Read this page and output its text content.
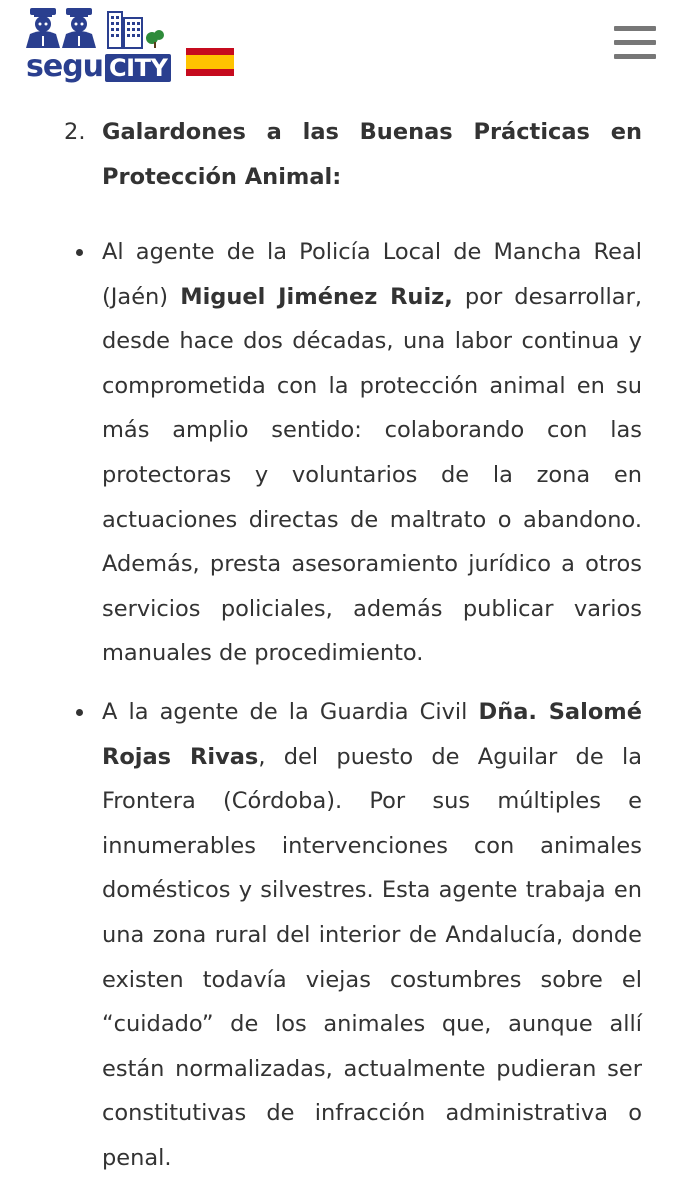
segu CITY
2. Galardones a las Buenas Prácticas en Protección Animal:
Al agente de la Policía Local de Mancha Real (Jaén) Miguel Jiménez Ruiz, por desarrollar, desde hace dos décadas, una labor continua y comprometida con la protección animal en su más amplio sentido: colaborando con las protectoras y voluntarios de la zona en actuaciones directas de maltrato o abandono. Además, presta asesoramiento jurídico a otros servicios policiales, además publicar varios manuales de procedimiento.
A la agente de la Guardia Civil Dña. Salomé Rojas Rivas, del puesto de Aguilar de la Frontera (Córdoba). Por sus múltiples e innumerables intervenciones con animales domésticos y silvestres. Esta agente trabaja en una zona rural del interior de Andalucía, donde existen todavía viejas costumbres sobre el “cuidado” de los animales que, aunque allí están normalizadas, actualmente pudieran ser constitutivas de infracción administrativa o penal.
